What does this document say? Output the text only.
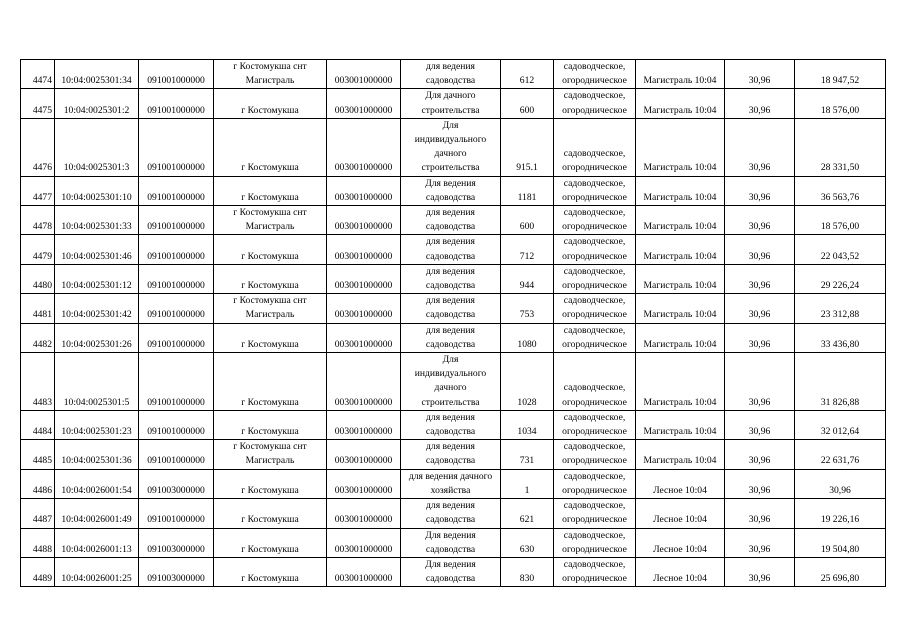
4474	10:04:0025301:34	091001000000	г Костомукша снт
Магистраль	003001000000	для ведения
садоводства	612	садоводческое,
огородническое	Магистраль 10:04	30,96	18 947,52
4475	10:04:0025301:2	091001000000	г Костомукша	003001000000	Для дачного
строительства	600	садоводческое,
огородническое	Магистраль 10:04	30,96	18 576,00
4476	10:04:0025301:3	091001000000	г Костомукша	003001000000	Для
индивидуального
дачного
строительства	915.1	садоводческое,
огородническое	Магистраль 10:04	30,96	28 331,50
4477	10:04:0025301:10	091001000000	г Костомукша	003001000000	Для ведения
садоводства	1181	садоводческое,
огородническое	Магистраль 10:04	30,96	36 563,76
4478	10:04:0025301:33	091001000000	г Костомукша снт
Магистраль	003001000000	для ведения
садоводства	600	садоводческое,
огородническое	Магистраль 10:04	30,96	18 576,00
4479	10:04:0025301:46	091001000000	г Костомукша	003001000000	для ведения
садоводства	712	садоводческое,
огородническое	Магистраль 10:04	30,96	22 043,52
4480	10:04:0025301:12	091001000000	г Костомукша	003001000000	для ведения
садоводства	944	садоводческое,
огородническое	Магистраль 10:04	30,96	29 226,24
4481	10:04:0025301:42	091001000000	г Костомукша снт
Магистраль	003001000000	для ведения
садоводства	753	садоводческое,
огородническое	Магистраль 10:04	30,96	23 312,88
4482	10:04:0025301:26	091001000000	г Костомукша	003001000000	для ведения
садоводства	1080	садоводческое,
огородническое	Магистраль 10:04	30,96	33 436,80
4483	10:04:0025301:5	091001000000	г Костомукша	003001000000	Для
индивидуального
дачного
строительства	1028	садоводческое,
огородническое	Магистраль 10:04	30,96	31 826,88
4484	10:04:0025301:23	091001000000	г Костомукша	003001000000	для ведения
садоводства	1034	садоводческое,
огородническое	Магистраль 10:04	30,96	32 012,64
4485	10:04:0025301:36	091001000000	г Костомукша снт
Магистраль	003001000000	для ведения
садоводства	731	садоводческое,
огородническое	Магистраль 10:04	30,96	22 631,76
4486	10:04:0026001:54	091003000000	г Костомукша	003001000000	для ведения дачного
хозяйства	1	садоводческое,
огородническое	Лесное 10:04	30,96	30,96
4487	10:04:0026001:49	091001000000	г Костомукша	003001000000	для ведения
садоводства	621	садоводческое,
огородническое	Лесное 10:04	30,96	19 226,16
4488	10:04:0026001:13	091003000000	г Костомукша	003001000000	Для ведения
садоводства	630	садоводческое,
огородническое	Лесное 10:04	30,96	19 504,80
4489	10:04:0026001:25	091003000000	г Костомукша	003001000000	Для ведения
садоводства	830	садоводческое,
огородническое	Лесное 10:04	30,96	25 696,80
